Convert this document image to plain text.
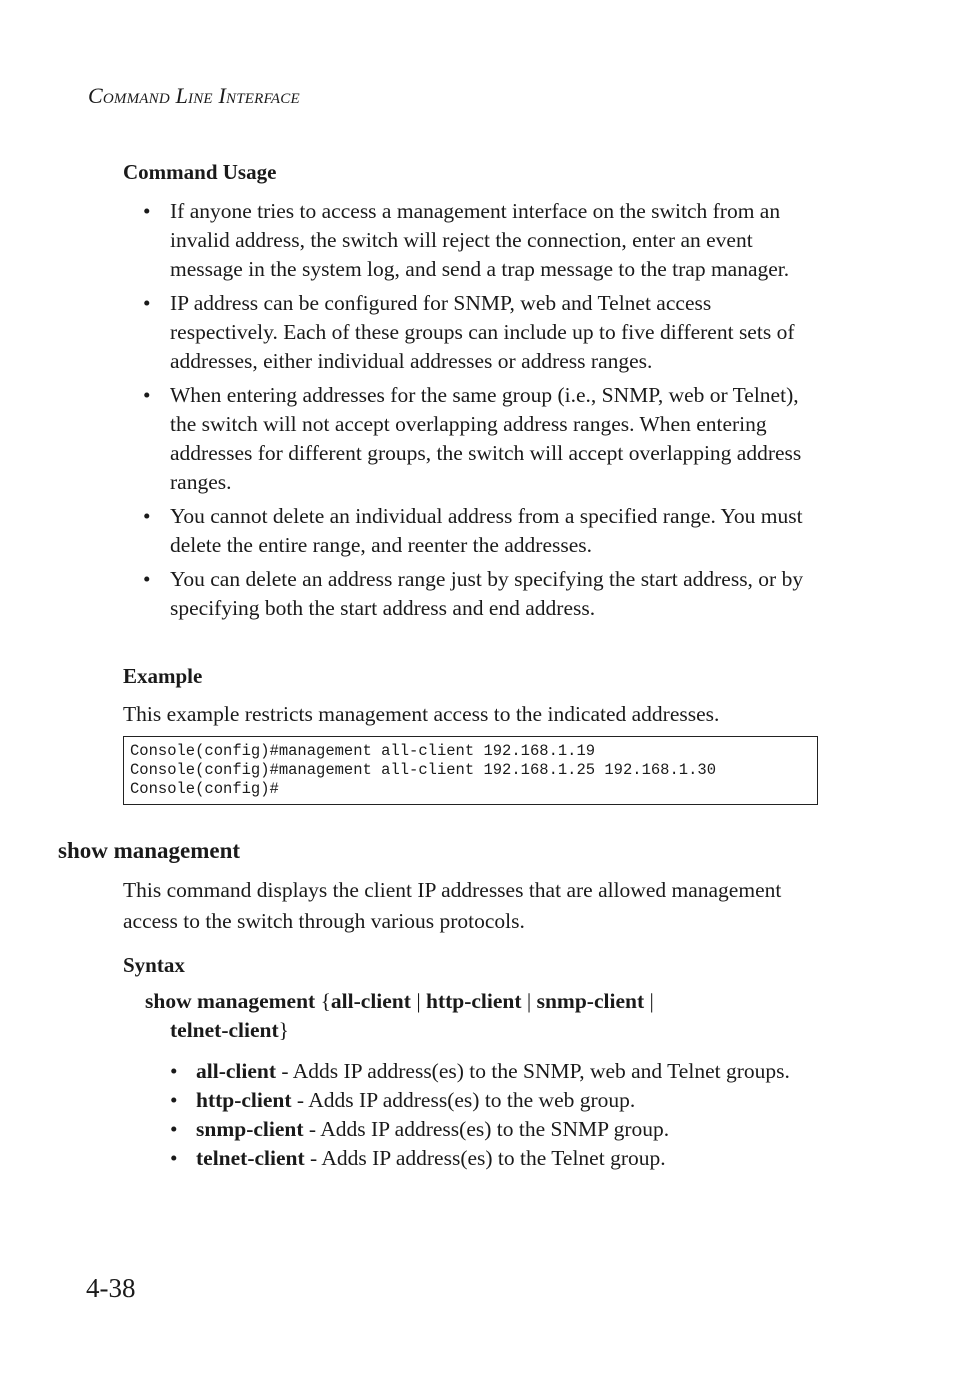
Command Line Interface
Command Usage
• If anyone tries to access a management interface on the switch from an invalid address, the switch will reject the connection, enter an event message in the system log, and send a trap message to the trap manager.
• IP address can be configured for SNMP, web and Telnet access respectively. Each of these groups can include up to five different sets of addresses, either individual addresses or address ranges.
• When entering addresses for the same group (i.e., SNMP, web or Telnet), the switch will not accept overlapping address ranges. When entering addresses for different groups, the switch will accept overlapping address ranges.
• You cannot delete an individual address from a specified range. You must delete the entire range, and reenter the addresses.
• You can delete an address range just by specifying the start address, or by specifying both the start address and end address.
Example
This example restricts management access to the indicated addresses.
Console(config)#management all-client 192.168.1.19
Console(config)#management all-client 192.168.1.25 192.168.1.30
Console(config)#
show management
This command displays the client IP addresses that are allowed management access to the switch through various protocols.
Syntax
show management {all-client | http-client | snmp-client |
telnet-client}
• all-client - Adds IP address(es) to the SNMP, web and Telnet groups.
• http-client - Adds IP address(es) to the web group.
• snmp-client - Adds IP address(es) to the SNMP group.
• telnet-client - Adds IP address(es) to the Telnet group.
4-38
